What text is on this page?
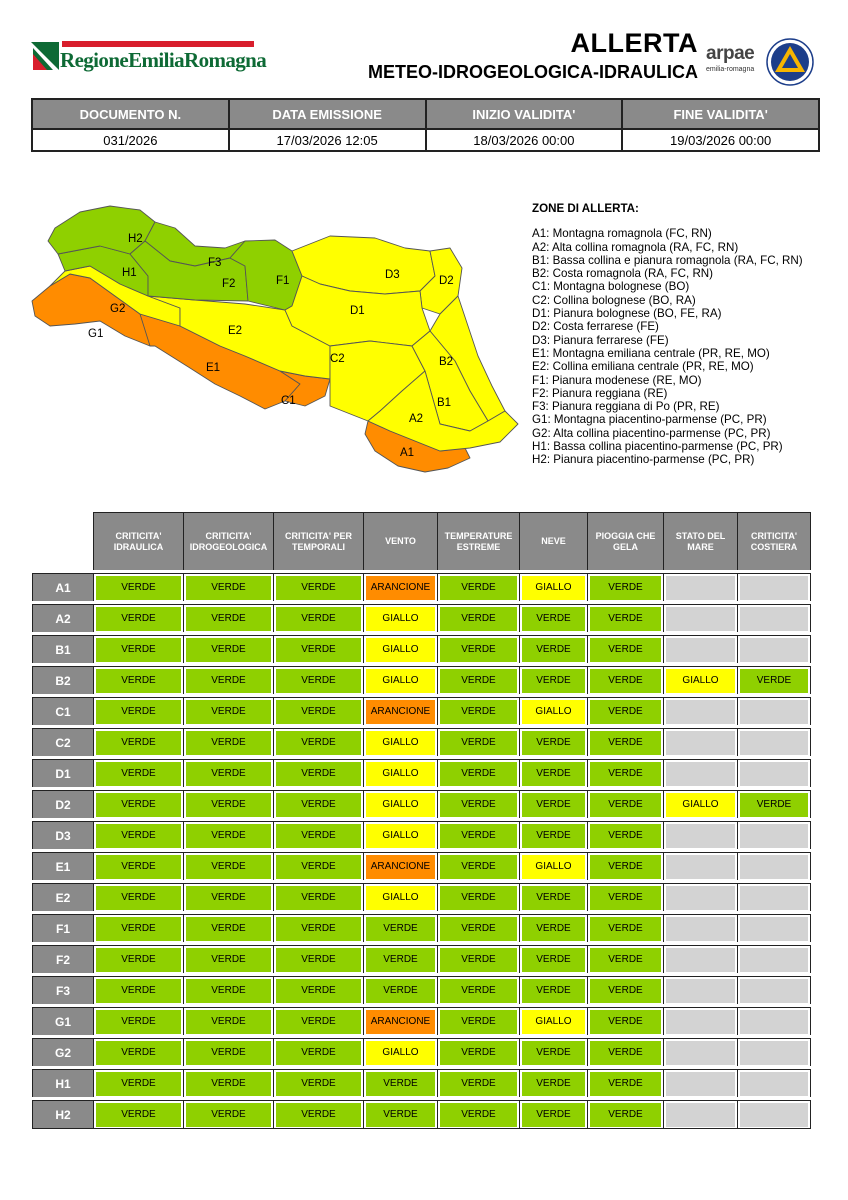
RegioneEmiliaRomagna
ALLERTA
METEO-IDROGEOLOGICA-IDRAULICA
arpae
emilia-romagna
DOCUMENTO N.	DATA EMISSIONE	INIZIO VALIDITA'	FINE VALIDITA'
031/2026	17/03/2026 12:05	18/03/2026 00:00	19/03/2026 00:00
H2
H1
G2
G1
F3
F2	F1
E2
E1
C1
D3	D2
D1
C2	B2
B1
A2
A1
ZONE DI ALLERTA:
A1: Montagna romagnola (FC, RN)
A2: Alta collina romagnola (RA, FC, RN)
B1: Bassa collina e pianura romagnola (RA, FC, RN)
B2: Costa romagnola (RA, FC, RN)
C1: Montagna bolognese (BO)
C2: Collina bolognese (BO, RA)
D1: Pianura bolognese (BO, FE, RA)
D2: Costa ferrarese (FE)
D3: Pianura ferrarese (FE)
E1: Montagna emiliana centrale (PR, RE, MO)
E2: Collina emiliana centrale (PR, RE, MO)
F1: Pianura modenese (RE, MO)
F2: Pianura reggiana (RE)
F3: Pianura reggiana di Po (PR, RE)
G1: Montagna piacentino-parmense (PC, PR)
G2: Alta collina piacentino-parmense (PC, PR)
H1: Bassa collina piacentino-parmense (PC, PR)
H2: Pianura piacentino-parmense (PC, PR)
	CRITICITA' IDRAULICA	CRITICITA' IDROGEOLOGICA	CRITICITA' PER TEMPORALI	VENTO	TEMPERATURE ESTREME	NEVE	PIOGGIA CHE GELA	STATO DEL MARE	CRITICITA' COSTIERA

A1	VERDE	VERDE	VERDE	ARANCIONE	VERDE	GIALLO	VERDE		

A2	VERDE	VERDE	VERDE	GIALLO	VERDE	VERDE	VERDE		

B1	VERDE	VERDE	VERDE	GIALLO	VERDE	VERDE	VERDE		

B2	VERDE	VERDE	VERDE	GIALLO	VERDE	VERDE	VERDE	GIALLO	VERDE

C1	VERDE	VERDE	VERDE	ARANCIONE	VERDE	GIALLO	VERDE		

C2	VERDE	VERDE	VERDE	GIALLO	VERDE	VERDE	VERDE		

D1	VERDE	VERDE	VERDE	GIALLO	VERDE	VERDE	VERDE		

D2	VERDE	VERDE	VERDE	GIALLO	VERDE	VERDE	VERDE	GIALLO	VERDE

D3	VERDE	VERDE	VERDE	GIALLO	VERDE	VERDE	VERDE		

E1	VERDE	VERDE	VERDE	ARANCIONE	VERDE	GIALLO	VERDE		

E2	VERDE	VERDE	VERDE	GIALLO	VERDE	VERDE	VERDE		

F1	VERDE	VERDE	VERDE	VERDE	VERDE	VERDE	VERDE		

F2	VERDE	VERDE	VERDE	VERDE	VERDE	VERDE	VERDE		

F3	VERDE	VERDE	VERDE	VERDE	VERDE	VERDE	VERDE		

G1	VERDE	VERDE	VERDE	ARANCIONE	VERDE	GIALLO	VERDE		

G2	VERDE	VERDE	VERDE	GIALLO	VERDE	VERDE	VERDE		

H1	VERDE	VERDE	VERDE	VERDE	VERDE	VERDE	VERDE		

H2	VERDE	VERDE	VERDE	VERDE	VERDE	VERDE	VERDE		
